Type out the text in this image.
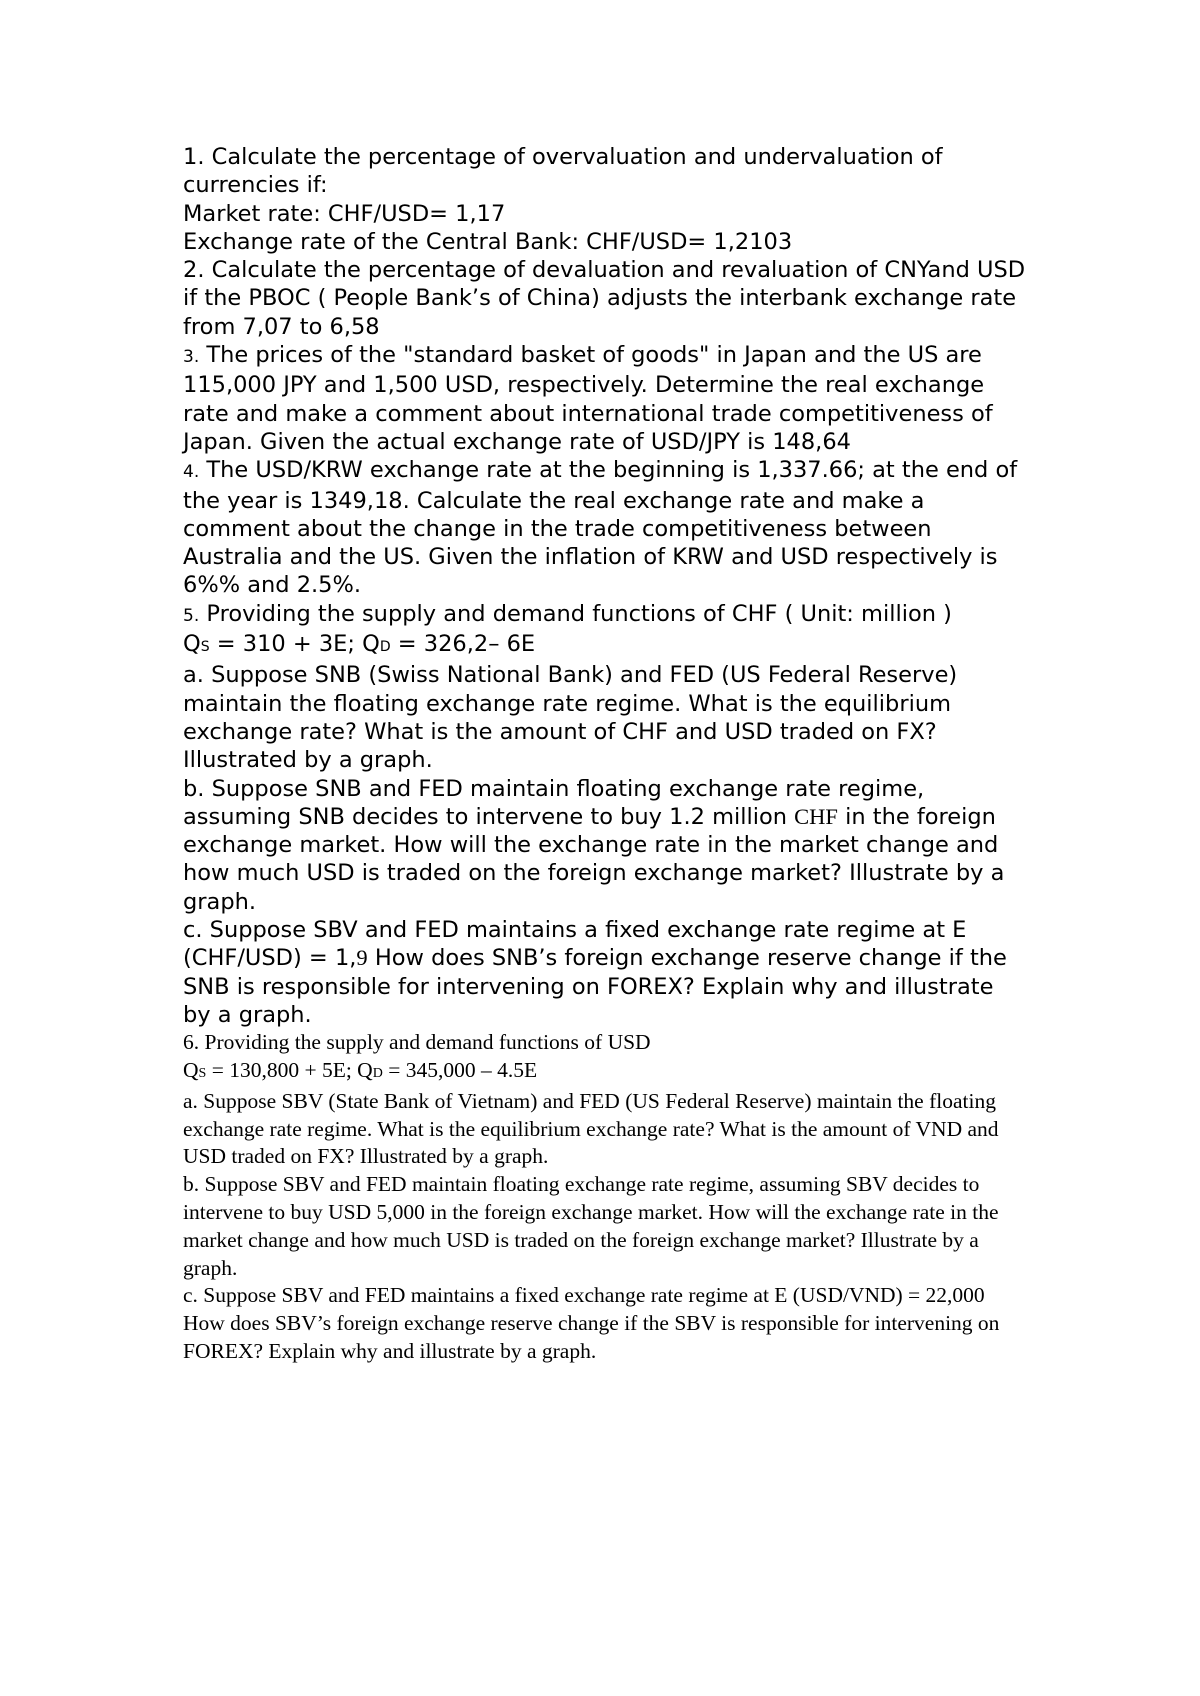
1. Calculate the percentage of overvaluation and undervaluation of currencies if:

Market rate: CHF/USD= 1,17

Exchange rate of the Central Bank: CHF/USD= 1,2103

2. Calculate the percentage of devaluation and revaluation of CNYand USD if the PBOC ( People Bank’s of China) adjusts the interbank exchange rate from 7,07 to 6,58

3. The prices of the "standard basket of goods" in Japan and the US are 115,000 JPY and 1,500 USD, respectively. Determine the real exchange rate and make a comment about international trade competitiveness of Japan. Given the actual exchange rate of USD/JPY is 148,64

4. The USD/KRW exchange rate at the beginning is 1,337.66; at the end of the year is 1349,18. Calculate the real exchange rate and make a comment about the change in the trade competitiveness between Australia and the US. Given the inflation of KRW and USD respectively is 6%% and 2.5%.

5. Providing the supply and demand functions of CHF ( Unit: million )

QS = 310 + 3E; QD = 326,2– 6E

a. Suppose SNB (Swiss National Bank) and FED (US Federal Reserve) maintain the floating exchange rate regime. What is the equilibrium exchange rate? What is the amount of CHF and USD traded on FX? Illustrated by a graph.

b. Suppose SNB and FED maintain floating exchange rate regime, assuming SNB decides to intervene to buy 1.2 million CHF in the foreign exchange market. How will the exchange rate in the market change and how much USD is traded on the foreign exchange market? Illustrate by a graph.

c. Suppose SBV and FED maintains a fixed exchange rate regime at E (CHF/USD) = 1,9 How does SNB’s foreign exchange reserve change if the SNB is responsible for intervening on FOREX? Explain why and illustrate by a graph.

6. Providing the supply and demand functions of USD

QS = 130,800 + 5E; QD = 345,000 – 4.5E

a. Suppose SBV (State Bank of Vietnam) and FED (US Federal Reserve) maintain the floating exchange rate regime. What is the equilibrium exchange rate? What is the amount of VND and USD traded on FX? Illustrated by a graph.

b. Suppose SBV and FED maintain floating exchange rate regime, assuming SBV decides to intervene to buy USD 5,000 in the foreign exchange market. How will the exchange rate in the market change and how much USD is traded on the foreign exchange market? Illustrate by a graph.

c. Suppose SBV and FED maintains a fixed exchange rate regime at E (USD/VND) = 22,000 How does SBV’s foreign exchange reserve change if the SBV is responsible for intervening on FOREX? Explain why and illustrate by a graph.
